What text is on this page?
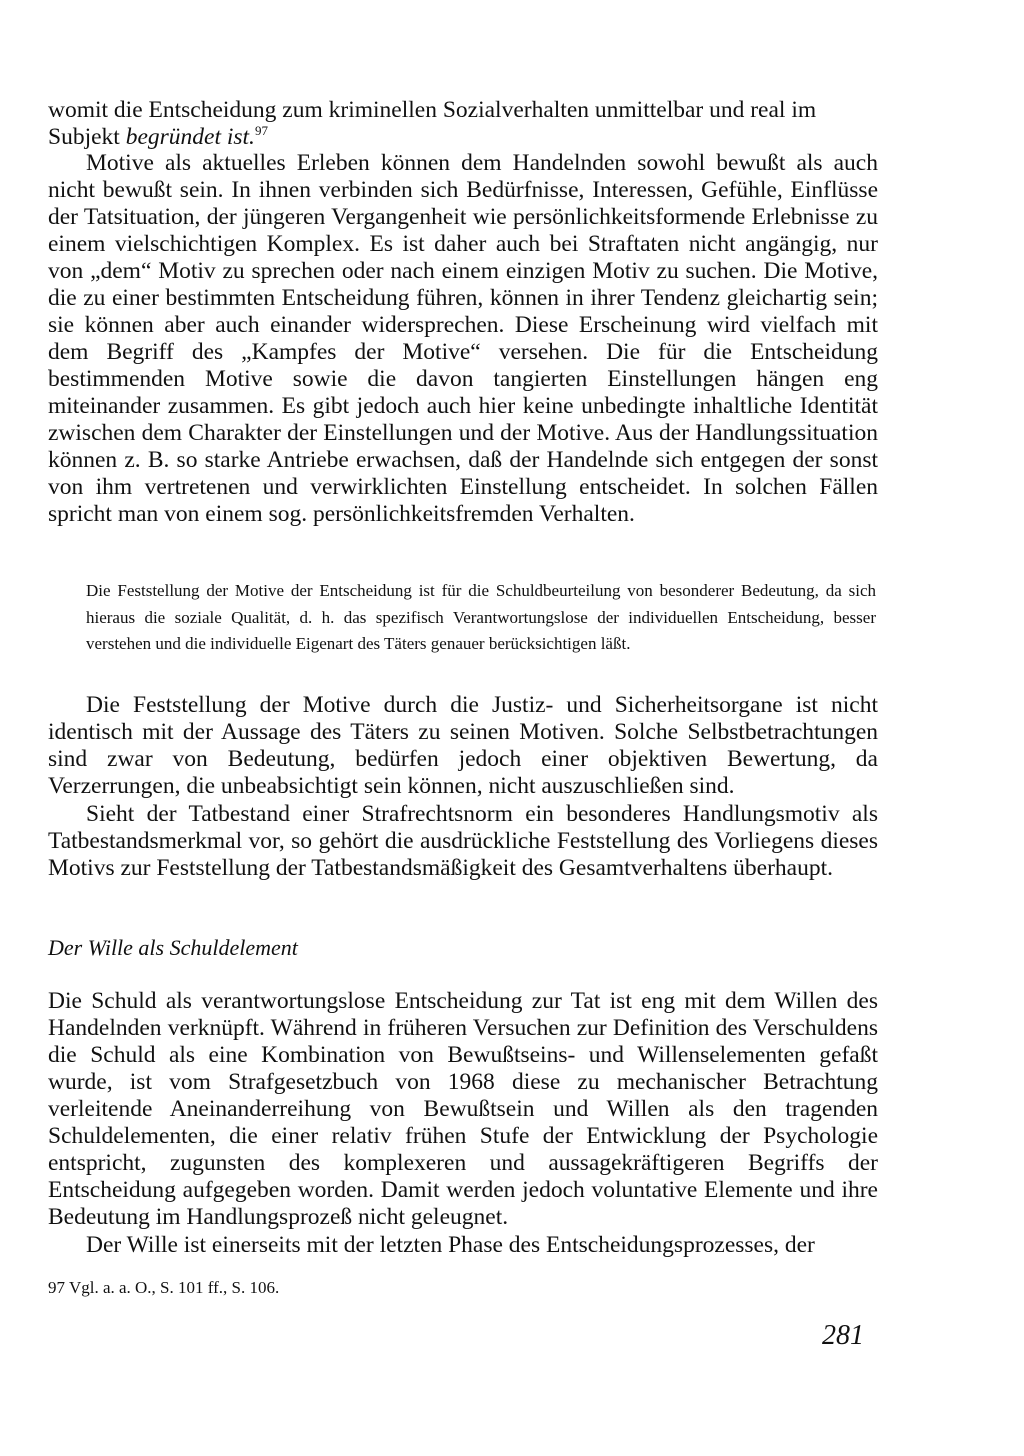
womit die Entscheidung zum kriminellen Sozialverhalten unmittelbar und real im
Subjekt begründet ist.$^{97}$

Motive als aktuelles Erleben können dem Handelnden sowohl bewußt als auch nicht bewußt sein. In ihnen verbinden sich Bedürfnisse, Interessen, Gefühle, Einflüsse der Tatsituation, der jüngeren Vergangenheit wie persönlichkeitsformende Erlebnisse zu einem vielschichtigen Komplex. Es ist daher auch bei Straftaten nicht angängig, nur von „dem“ Motiv zu sprechen oder nach einem einzigen Motiv zu suchen. Die Motive, die zu einer bestimmten Entscheidung führen, können in ihrer Tendenz gleichartig sein; sie können aber auch einander widersprechen. Diese Erscheinung wird vielfach mit dem Begriff des „Kampfes der Motive“ versehen. Die für die Entscheidung bestimmenden Motive sowie die davon tangierten Einstellungen hängen eng miteinander zusammen. Es gibt jedoch auch hier keine unbedingte inhaltliche Identität zwischen dem Charakter der Einstellungen und der Motive. Aus der Handlungssituation können z. B. so starke Antriebe erwachsen, daß der Handelnde sich entgegen der sonst von ihm vertretenen und verwirklichten Einstellung entscheidet. In solchen Fällen spricht man von einem sog. persönlichkeitsfremden Verhalten.

Die Feststellung der Motive der Entscheidung ist für die Schuldbeurteilung von besonderer Bedeutung, da sich hieraus die soziale Qualität, d. h. das spezifisch Verantwortungslose der individuellen Entscheidung, besser verstehen und die individuelle Eigenart des Täters genauer berücksichtigen läßt.

Die Feststellung der Motive durch die Justiz- und Sicherheitsorgane ist nicht identisch mit der Aussage des Täters zu seinen Motiven. Solche Selbstbetrachtungen sind zwar von Bedeutung, bedürfen jedoch einer objektiven Bewertung, da Verzerrungen, die unbeabsichtigt sein können, nicht auszuschließen sind.

Sieht der Tatbestand einer Strafrechtsnorm ein besonderes Handlungsmotiv als Tatbestandsmerkmal vor, so gehört die ausdrückliche Feststellung des Vorliegens dieses Motivs zur Feststellung der Tatbestandsmäßigkeit des Gesamtverhaltens überhaupt.

Der Wille als Schuldelement

Die Schuld als verantwortungslose Entscheidung zur Tat ist eng mit dem Willen des Handelnden verknüpft. Während in früheren Versuchen zur Definition des Verschuldens die Schuld als eine Kombination von Bewußtseins- und Willenselementen gefaßt wurde, ist vom Strafgesetzbuch von 1968 diese zu mechanischer Betrachtung verleitende Aneinanderreihung von Bewußtsein und Willen als den tragenden Schuldelementen, die einer relativ frühen Stufe der Entwicklung der Psychologie entspricht, zugunsten des komplexeren und aussagekräftigeren Begriffs der Entscheidung aufgegeben worden. Damit werden jedoch voluntative Elemente und ihre Bedeutung im Handlungsprozeß nicht geleugnet.

Der Wille ist einerseits mit der letzten Phase des Entscheidungsprozesses, der

97 Vgl. a. a. O., S. 101 ff., S. 106.

281
